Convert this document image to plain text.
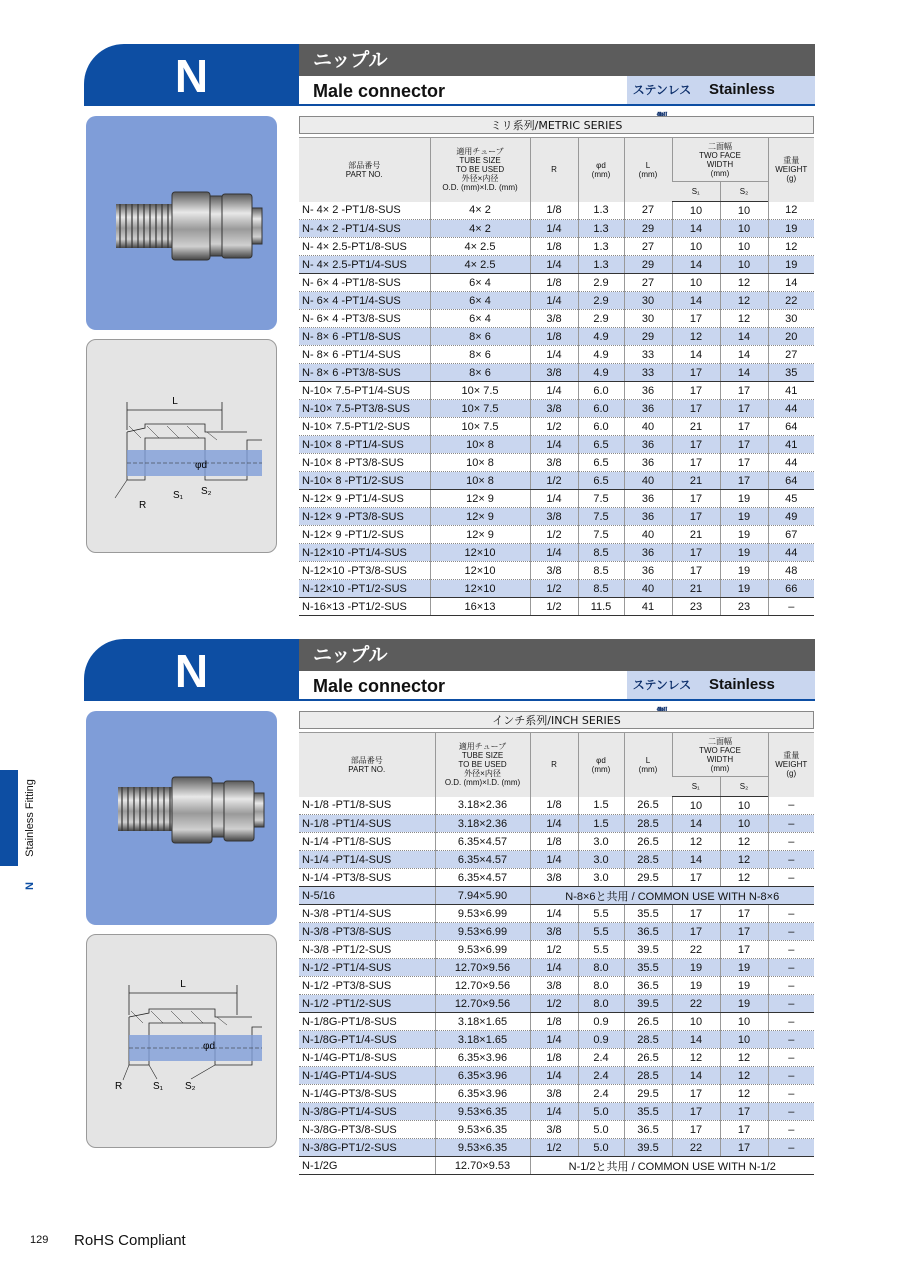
N	ニップル
Male connector	ステンレス	Stainless
L
φd
R
S₁ S₂
ミリ系列/METRIC SERIES
部品番号
PART NO.	適用チューブ
TUBE SIZE
TO BE USED
外径×内径
O.D. (mm)×I.D. (mm)	R	φd
(mm)	L
(mm)	二面幅
TWO FACE
WIDTH
(mm)		重量
WEIGHT
(g)
					S₁	S₂	
N- 4× 2 -PT1/8-SUS	4× 2	1/8	1.3	27	10	10	12
N- 4× 2 -PT1/4-SUS	4× 2	1/4	1.3	29	14	10	19
N- 4× 2.5-PT1/8-SUS	4× 2.5	1/8	1.3	27	10	10	12
N- 4× 2.5-PT1/4-SUS	4× 2.5	1/4	1.3	29	14	10	19
N- 6× 4 -PT1/8-SUS	6× 4	1/8	2.9	27	10	12	14
N- 6× 4 -PT1/4-SUS	6× 4	1/4	2.9	30	14	12	22
N- 6× 4 -PT3/8-SUS	6× 4	3/8	2.9	30	17	12	30
N- 8× 6 -PT1/8-SUS	8× 6	1/8	4.9	29	12	14	20
N- 8× 6 -PT1/4-SUS	8× 6	1/4	4.9	33	14	14	27
N- 8× 6 -PT3/8-SUS	8× 6	3/8	4.9	33	17	14	35
N-10× 7.5-PT1/4-SUS	10× 7.5	1/4	6.0	36	17	17	41
N-10× 7.5-PT3/8-SUS	10× 7.5	3/8	6.0	36	17	17	44
N-10× 7.5-PT1/2-SUS	10× 7.5	1/2	6.0	40	21	17	64
N-10× 8 -PT1/4-SUS	10× 8	1/4	6.5	36	17	17	41
N-10× 8 -PT3/8-SUS	10× 8	3/8	6.5	36	17	17	44
N-10× 8 -PT1/2-SUS	10× 8	1/2	6.5	40	21	17	64
N-12× 9 -PT1/4-SUS	12× 9	1/4	7.5	36	17	19	45
N-12× 9 -PT3/8-SUS	12× 9	3/8	7.5	36	17	19	49
N-12× 9 -PT1/2-SUS	12× 9	1/2	7.5	40	21	19	67
N-12×10 -PT1/4-SUS	12×10	1/4	8.5	36	17	19	44
N-12×10 -PT3/8-SUS	12×10	3/8	8.5	36	17	19	48
N-12×10 -PT1/2-SUS	12×10	1/2	8.5	40	21	19	66
N-16×13 -PT1/2-SUS	16×13	1/2	11.5	41	23	23	–
N	ニップル
Male connector	ステンレス	Stainless
L
φd
R	S₁ S₂
インチ系列/INCH SERIES
部品番号
PART NO.	適用チューブ
TUBE SIZE
TO BE USED
外径×内径
O.D. (mm)×I.D. (mm)	R	φd
(mm)	L
(mm)	二面幅
TWO FACE
WIDTH
(mm)		重量
WEIGHT
(g)
					S₁	S₂	
N-1/8 -PT1/8-SUS	3.18×2.36	1/8	1.5	26.5	10	10	–
N-1/8 -PT1/4-SUS	3.18×2.36	1/4	1.5	28.5	14	10	–
N-1/4 -PT1/8-SUS	6.35×4.57	1/8	3.0	26.5	12	12	–
N-1/4 -PT1/4-SUS	6.35×4.57	1/4	3.0	28.5	14	12	–
N-1/4 -PT3/8-SUS	6.35×4.57	3/8	3.0	29.5	17	12	–
N-5/16	7.94×5.90	N-8×6と共用 / COMMON USE WITH N-8×6					
N-3/8 -PT1/4-SUS	9.53×6.99	1/4	5.5	35.5	17	17	–
N-3/8 -PT3/8-SUS	9.53×6.99	3/8	5.5	36.5	17	17	–
N-3/8 -PT1/2-SUS	9.53×6.99	1/2	5.5	39.5	22	17	–
N-1/2 -PT1/4-SUS	12.70×9.56	1/4	8.0	35.5	19	19	–
N-1/2 -PT3/8-SUS	12.70×9.56	3/8	8.0	36.5	19	19	–
N-1/2 -PT1/2-SUS	12.70×9.56	1/2	8.0	39.5	22	19	–
N-1/8G-PT1/8-SUS	3.18×1.65	1/8	0.9	26.5	10	10	–
N-1/8G-PT1/4-SUS	3.18×1.65	1/4	0.9	28.5	14	10	–
N-1/4G-PT1/8-SUS	6.35×3.96	1/8	2.4	26.5	12	12	–
N-1/4G-PT1/4-SUS	6.35×3.96	1/4	2.4	28.5	14	12	–
N-1/4G-PT3/8-SUS	6.35×3.96	3/8	2.4	29.5	17	12	–
N-3/8G-PT1/4-SUS	9.53×6.35	1/4	5.0	35.5	17	17	–
N-3/8G-PT3/8-SUS	9.53×6.35	3/8	5.0	36.5	17	17	–
N-3/8G-PT1/2-SUS	9.53×6.35	1/2	5.0	39.5	22	17	–
N-1/2G	12.70×9.53	N-1/2と共用 / COMMON USE WITH N-1/2					
Stainless Fitting
N
129 RoHS Compliant
